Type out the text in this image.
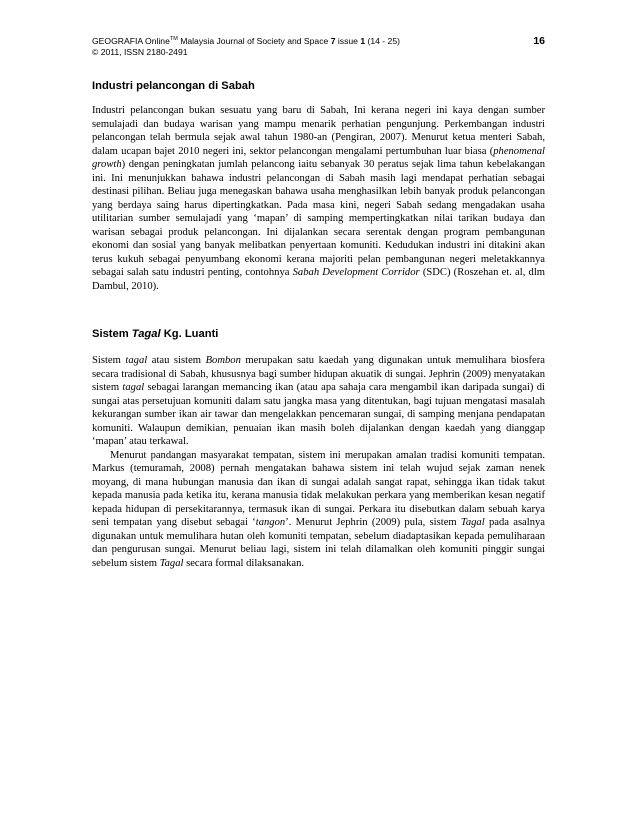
GEOGRAFIA Online™ Malaysia Journal of Society and Space 7 issue 1 (14 - 25)
© 2011, ISSN 2180-2491
16
Industri pelancongan di Sabah

Industri pelancongan bukan sesuatu yang baru di Sabah, Ini kerana negeri ini kaya dengan sumber semulajadi dan budaya warisan yang mampu menarik perhatian pengunjung. Perkembangan industri pelancongan telah bermula sejak awal tahun 1980-an (Pengiran, 2007). Menurut ketua menteri Sabah, dalam ucapan bajet 2010 negeri ini, sektor pelancongan mengalami pertumbuhan luar biasa (phenomenal growth) dengan peningkatan jumlah pelancong iaitu sebanyak 30 peratus sejak lima tahun kebelakangan ini. Ini menunjukkan bahawa industri pelancongan di Sabah masih lagi mendapat perhatian sebagai destinasi pilihan. Beliau juga menegaskan bahawa usaha menghasilkan lebih banyak produk pelancongan yang berdaya saing harus dipertingkatkan. Pada masa kini, negeri Sabah sedang mengadakan usaha utilitarian sumber semulajadi yang ‘mapan’ di samping mempertingkatkan nilai tarikan budaya dan warisan sebagai produk pelancongan. Ini dijalankan secara serentak dengan program pembangunan ekonomi dan sosial yang banyak melibatkan penyertaan komuniti. Kedudukan industri ini ditakini akan terus kukuh sebagai penyumbang ekonomi kerana majoriti pelan pembangunan negeri meletakkannya sebagai salah satu industri penting, contohnya Sabah Development Corridor (SDC) (Roszehan et. al, dlm Dambul, 2010).

Sistem Tagal Kg. Luanti

Sistem tagal atau sistem Bombon merupakan satu kaedah yang digunakan untuk memulihara biosfera secara tradisional di Sabah, khususnya bagi sumber hidupan akuatik di sungai. Jephrin (2009) menyatakan sistem tagal sebagai larangan memancing ikan (atau apa sahaja cara mengambil ikan daripada sungai) di sungai atas persetujuan komuniti dalam satu jangka masa yang ditentukan, bagi tujuan mengatasi masalah kekurangan sumber ikan air tawar dan mengelakkan pencemaran sungai, di samping menjana pendapatan komuniti. Walaupun demikian, penuaian ikan masih boleh dijalankan dengan kaedah yang dianggap ‘mapan’ atau terkawal.

Menurut pandangan masyarakat tempatan, sistem ini merupakan amalan tradisi komuniti tempatan. Markus (temuramah, 2008) pernah mengatakan bahawa sistem ini telah wujud sejak zaman nenek moyang, di mana hubungan manusia dan ikan di sungai adalah sangat rapat, sehingga ikan tidak takut kepada manusia pada ketika itu, kerana manusia tidak melakukan perkara yang memberikan kesan negatif kepada hidupan di persekitarannya, termasuk ikan di sungai. Perkara itu disebutkan dalam sebuah karya seni tempatan yang disebut sebagai ‘tangon’. Menurut Jephrin (2009) pula, sistem Tagal pada asalnya digunakan untuk memulihara hutan oleh komuniti tempatan, sebelum diadaptasikan kepada pemuliharaan dan pengurusan sungai. Menurut beliau lagi, sistem ini telah dilamalkan oleh komuniti pinggir sungai sebelum sistem Tagal secara formal dilaksanakan.
